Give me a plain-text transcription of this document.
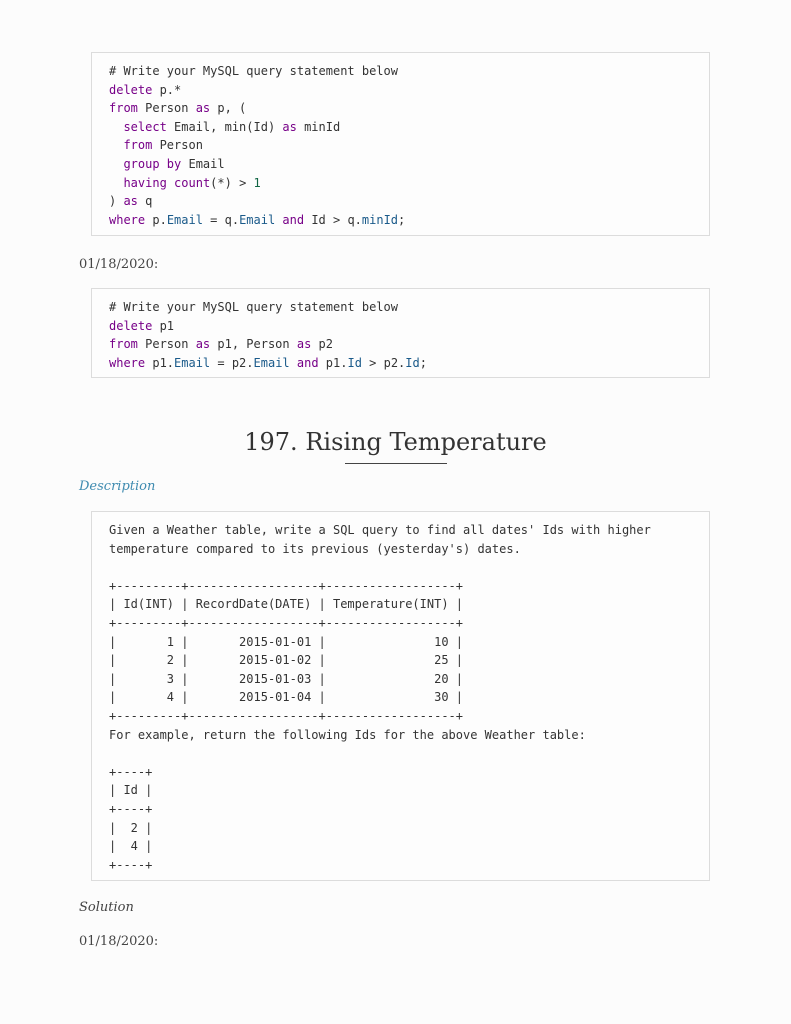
# Write your MySQL query statement below
delete p.*
from Person as p, (
select Email, min(Id) as minId
from Person
group by Email
having count(*) > 1
) as q
where p.Email = q.Email and Id > q.minId;
01/18/2020:
# Write your MySQL query statement below
delete p1
from Person as p1, Person as p2
where p1.Email = p2.Email and p1.Id > p2.Id;
197. Rising Temperature
Description
Given a Weather table, write a SQL query to find all dates' Ids with higher
temperature compared to its previous (yesterday's) dates.
+---------+------------------+------------------+
| Id(INT) | RecordDate(DATE) | Temperature(INT) |
+---------+------------------+------------------+
|       1 |       2015-01-01 |               10 |
|       2 |       2015-01-02 |               25 |
|       3 |       2015-01-03 |               20 |
|       4 |       2015-01-04 |               30 |
+---------+------------------+------------------+
For example, return the following Ids for the above Weather table:
+----+
| Id |
+----+
|  2 |
|  4 |
+----+
Solution
01/18/2020:
